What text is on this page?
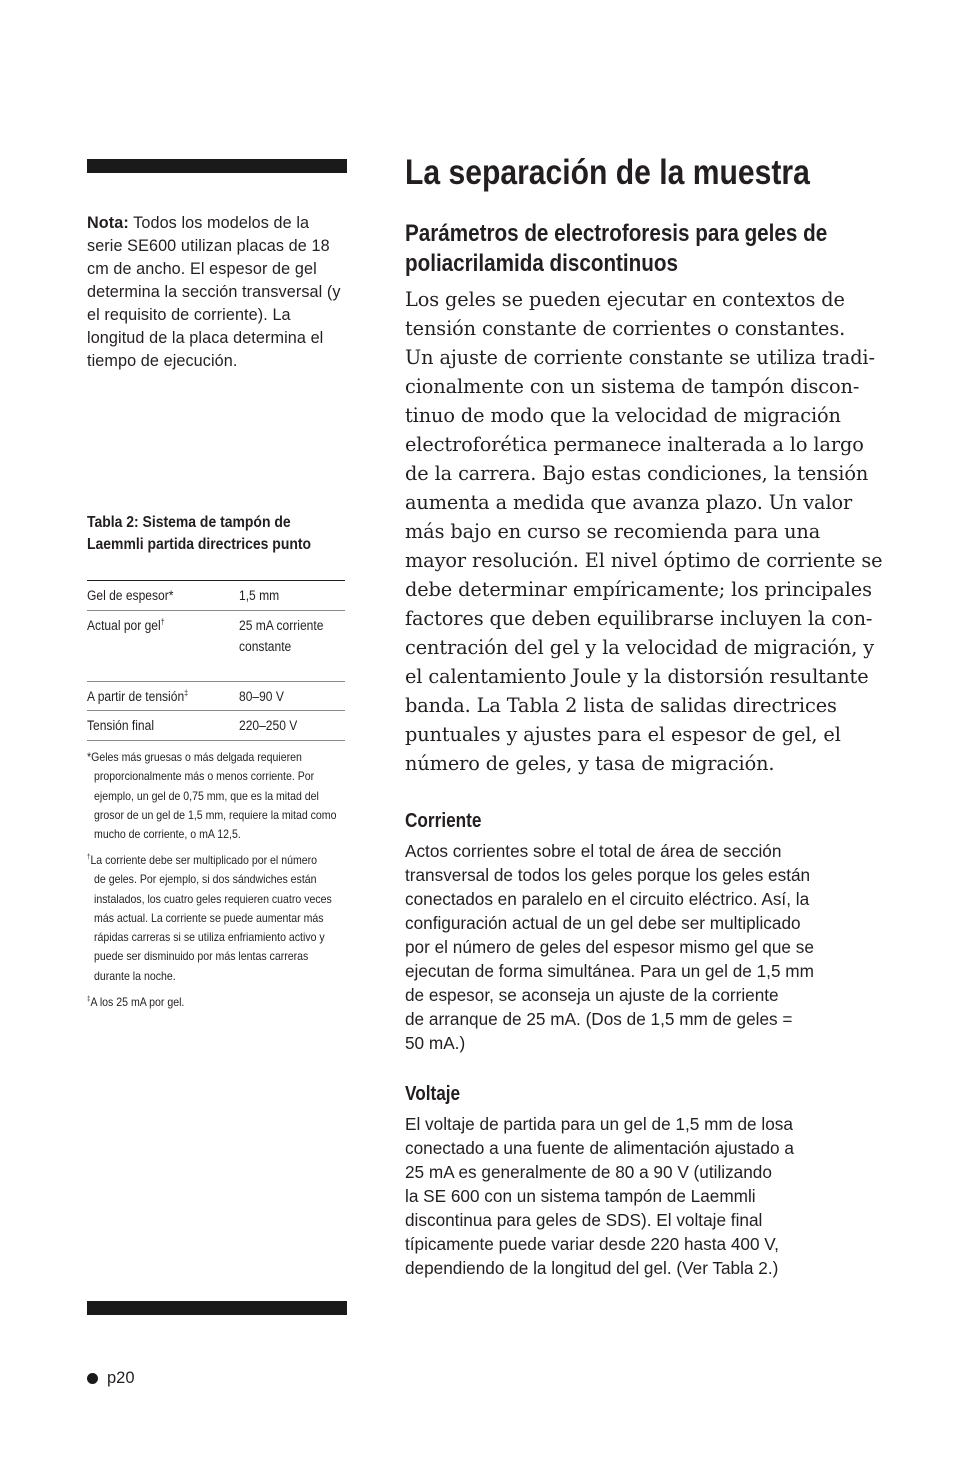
Nota: Todos los modelos de la serie SE600 utilizan placas de 18 cm de ancho. El espesor de gel determina la sección transversal (y el requisito de corriente). La longitud de la placa determina el tiempo de ejecución.
Tabla 2: Sistema de tampón de Laemmli partida directrices punto
Gel de espesor*	1,5 mm
Actual por gel†	25 mA corriente constante
A partir de tensión‡	80–90 V
Tensión final	220–250 V
*Geles más gruesas o más delgada requieren
proporcionalmente más o menos corriente. Por ejemplo, un gel de 0,75 mm, que es la mitad del grosor de un gel de 1,5 mm, requiere la mitad como mucho de corriente, o mA 12,5.
†La corriente debe ser multiplicado por el número
de geles. Por ejemplo, si dos sándwiches están instalados, los cuatro geles requieren cuatro veces más actual. La corriente se puede aumentar más rápidas carreras si se utiliza enfriamiento activo y puede ser disminuido por más lentas carreras durante la noche.
‡A los 25 mA por gel.
p20
La separación de la muestra
Parámetros de electroforesis para geles de poliacrilamida discontinuos
Los geles se pueden ejecutar en contextos de
tensión constante de corrientes o constantes.
Un ajuste de corriente constante se utiliza tradi-
cionalmente con un sistema de tampón discon-
tinuo de modo que la velocidad de migración
electroforética permanece inalterada a lo largo
de la carrera. Bajo estas condiciones, la tensión
aumenta a medida que avanza plazo. Un valor
más bajo en curso se recomienda para una
mayor resolución. El nivel óptimo de corriente se
debe determinar empíricamente; los principales
factores que deben equilibrarse incluyen la con-
centración del gel y la velocidad de migración, y
el calentamiento Joule y la distorsión resultante
banda. La Tabla 2 lista de salidas directrices
puntuales y ajustes para el espesor de gel, el
número de geles, y tasa de migración.
Corriente
Actos corrientes sobre el total de área de sección
transversal de todos los geles porque los geles están
conectados en paralelo en el circuito eléctrico. Así, la
configuración actual de un gel debe ser multiplicado
por el número de geles del espesor mismo gel que se
ejecutan de forma simultánea. Para un gel de 1,5 mm
de espesor, se aconseja un ajuste de la corriente
de arranque de 25 mA. (Dos de 1,5 mm de geles =
50 mA.)
Voltaje
El voltaje de partida para un gel de 1,5 mm de losa
conectado a una fuente de alimentación ajustado a
25 mA es generalmente de 80 a 90 V (utilizando
la SE 600 con un sistema tampón de Laemmli
discontinua para geles de SDS). El voltaje final
típicamente puede variar desde 220 hasta 400 V,
dependiendo de la longitud del gel. (Ver Tabla 2.)
